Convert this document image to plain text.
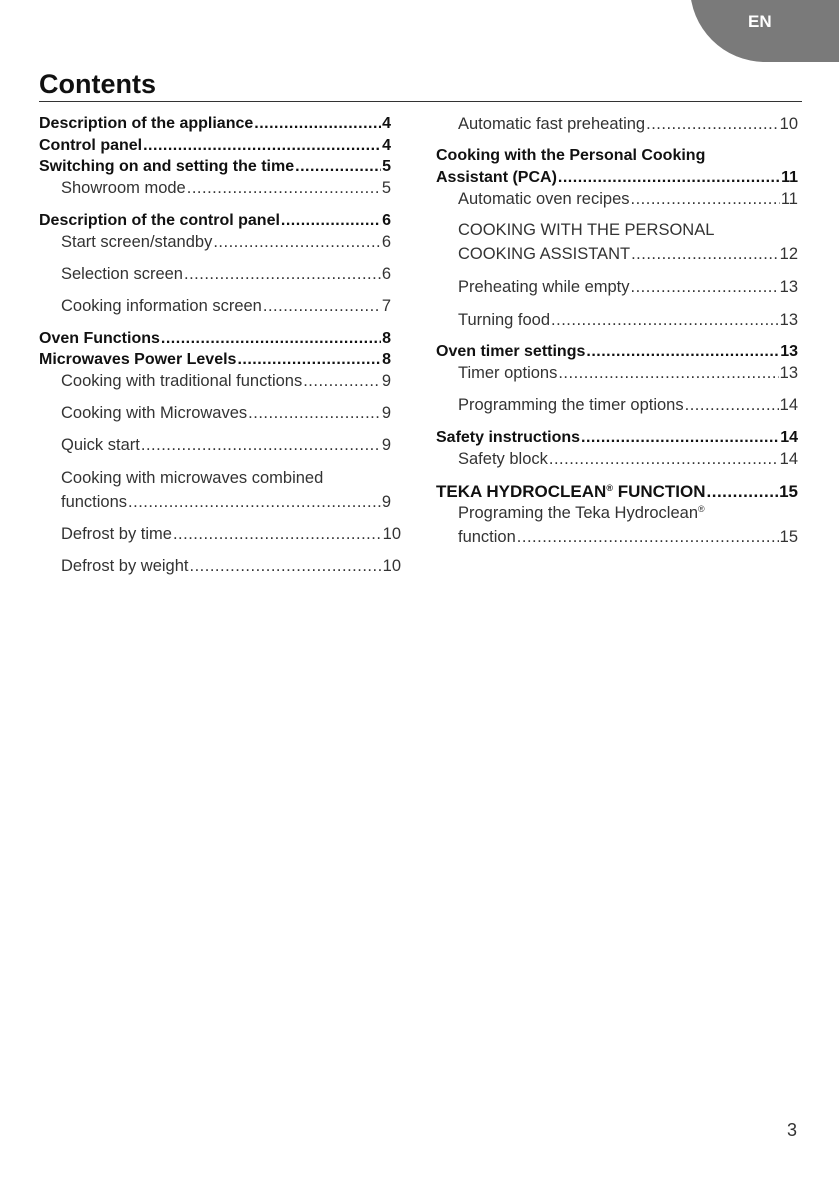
EN
Contents
Description of the appliance .....	4
Control panel .....	4
Switching on and setting the time .....	5
Showroom mode .....	5
Description of the control panel .....	6
Start screen/standby .....	6
Selection screen .....	6
Cooking information screen .....	7
Oven Functions .....	8
Microwaves Power Levels .....	8
Cooking with traditional functions .....	9
Cooking with Microwaves .....	9
Quick start .....	9
Cooking with microwaves combined
functions .....	9
Defrost by time .....	10
Defrost by weight .....	10
Automatic fast preheating .....	10
Cooking with the Personal Cooking
Assistant (PCA) .....	11
Automatic oven recipes .....	11
COOKING WITH THE PERSONAL
COOKING ASSISTANT .....	12
Preheating while empty .....	13
Turning food .....	13
Oven timer settings .....	13
Timer options .....	13
Programming the timer options .....	14
Safety instructions .....	14
Safety block .....	14
TEKA HYDROCLEAN® FUNCTION .....	15
Programing the Teka Hydroclean®
function .....	15
3
